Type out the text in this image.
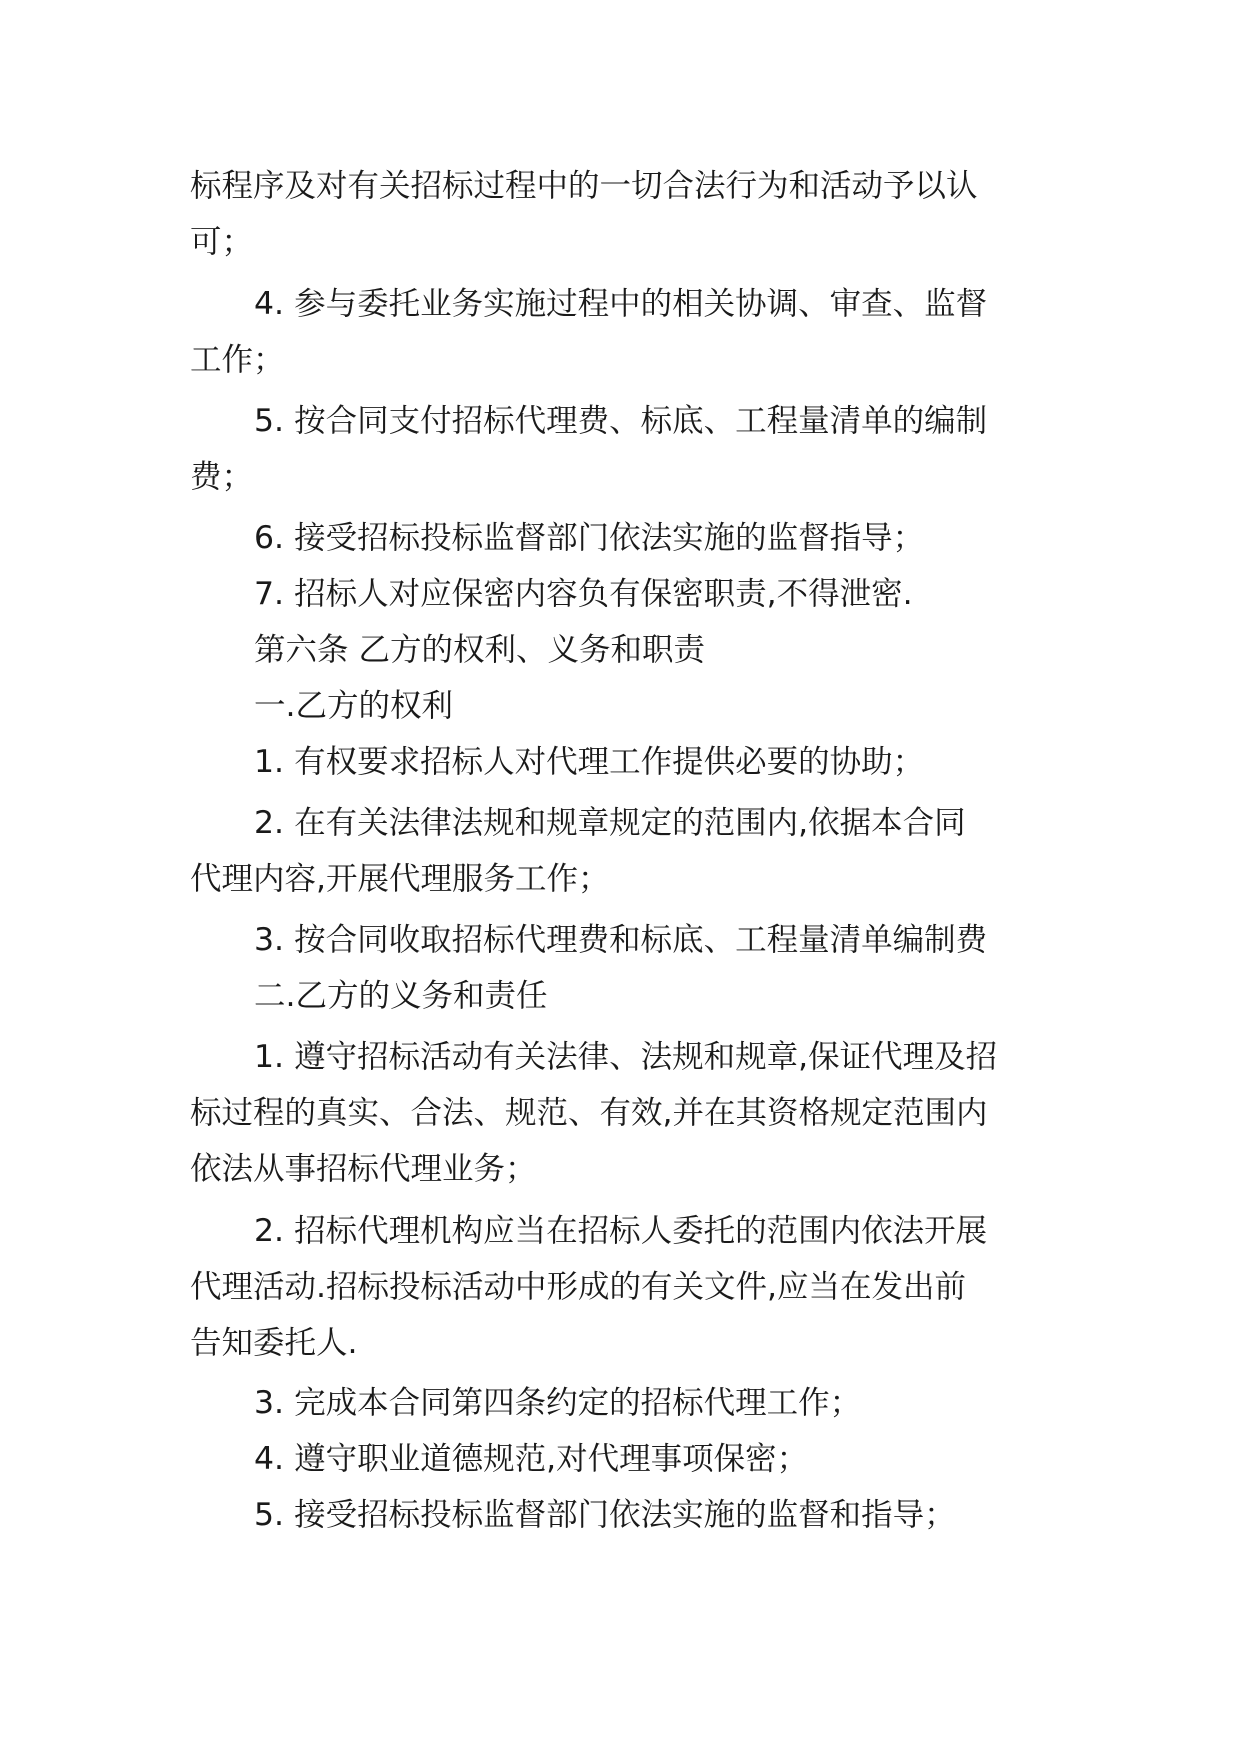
标程序及对有关招标过程中的一切合法行为和活动予以认
可；
4. 参与委托业务实施过程中的相关协调、审查、监督
工作；
5. 按合同支付招标代理费、标底、工程量清单的编制
费；
6. 接受招标投标监督部门依法实施的监督指导；
7. 招标人对应保密内容负有保密职责,不得泄密.
第六条 乙方的权利、义务和职责
一.乙方的权利
1. 有权要求招标人对代理工作提供必要的协助；
2. 在有关法律法规和规章规定的范围内,依据本合同
代理内容,开展代理服务工作；
3. 按合同收取招标代理费和标底、工程量清单编制费
二.乙方的义务和责任
1. 遵守招标活动有关法律、法规和规章,保证代理及招
标过程的真实、合法、规范、有效,并在其资格规定范围内
依法从事招标代理业务；
2. 招标代理机构应当在招标人委托的范围内依法开展
代理活动.招标投标活动中形成的有关文件,应当在发出前
告知委托人.
3. 完成本合同第四条约定的招标代理工作；
4. 遵守职业道德规范,对代理事项保密；
5. 接受招标投标监督部门依法实施的监督和指导；
